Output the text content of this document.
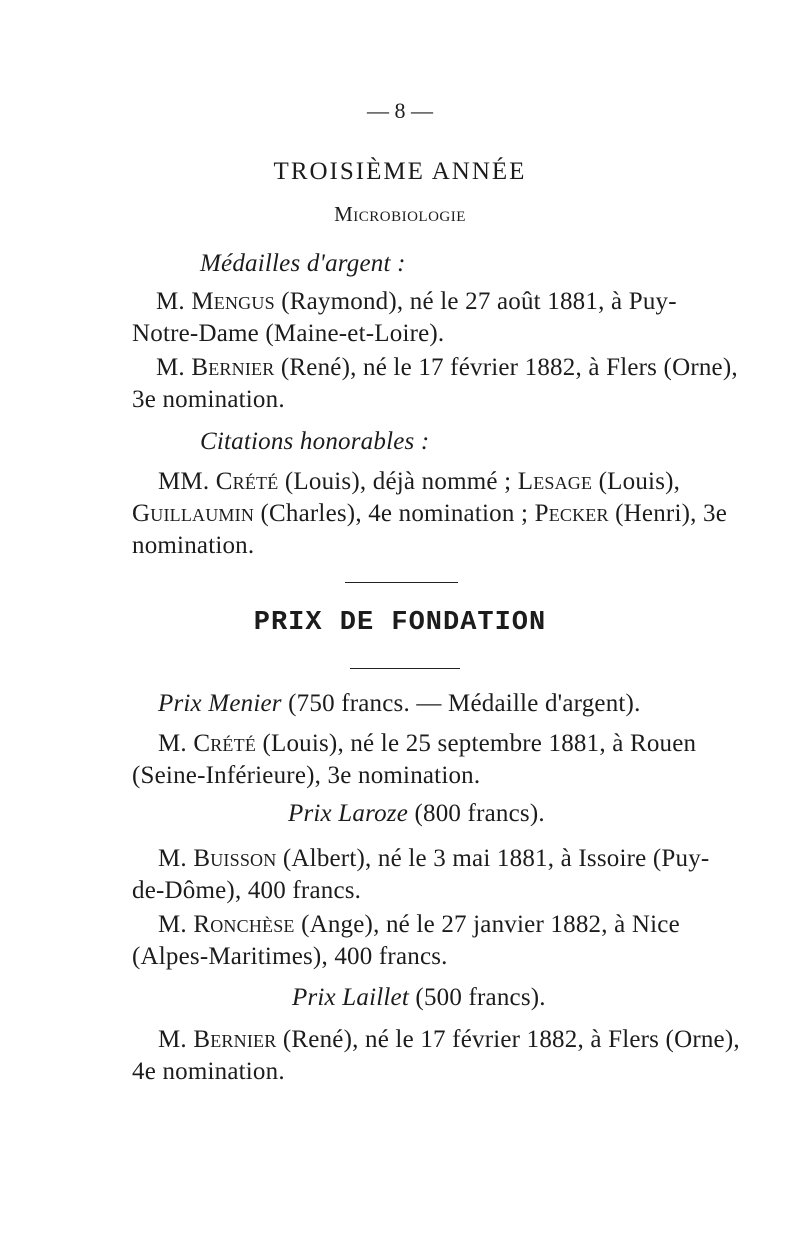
— 8 —
TROISIÈME ANNÉE
Microbiologie
Médailles d'argent :
M. Mengus (Raymond), né le 27 août 1881, à Puy-
Notre-Dame (Maine-et-Loire).
M. Bernier (René), né le 17 février 1882, à Flers (Orne),
3e nomination.
Citations honorables :
MM. Crété (Louis), déjà nommé ; Lesage (Louis),
Guillaumin (Charles), 4e nomination ; Pecker (Henri), 3e
nomination.
PRIX DE FONDATION
Prix Menier (750 francs. — Médaille d'argent).
M. Crété (Louis), né le 25 septembre 1881, à Rouen
(Seine-Inférieure), 3e nomination.
Prix Laroze (800 francs).
M. Buisson (Albert), né le 3 mai 1881, à Issoire (Puy-
de-Dôme), 400 francs.
M. Ronchèse (Ange), né le 27 janvier 1882, à Nice
(Alpes-Maritimes), 400 francs.
Prix Laillet (500 francs).
M. Bernier (René), né le 17 février 1882, à Flers (Orne),
4e nomination.
